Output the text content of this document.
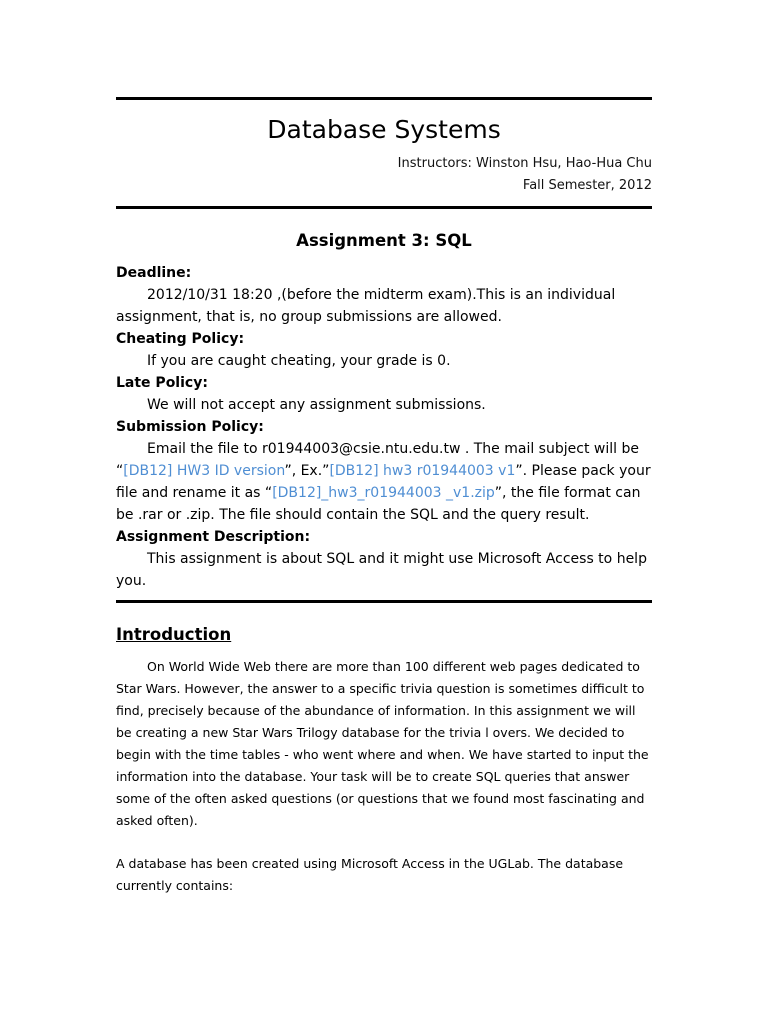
Database Systems
Instructors: Winston Hsu, Hao-Hua Chu
Fall Semester, 2012
Assignment 3: SQL
Deadline:
2012/10/31 18:20 ,(before the midterm exam).This is an individual assignment, that is, no group submissions are allowed.
Cheating Policy:
If you are caught cheating, your grade is 0.
Late Policy:
We will not accept any assignment submissions.
Submission Policy:
Email the file to r01944003@csie.ntu.edu.tw . The mail subject will be “[DB12] HW3 ID version”, Ex.”[DB12] hw3 r01944003 v1”. Please pack your file and rename it as “[DB12]_hw3_r01944003 _v1.zip”, the file format can be .rar or .zip. The file should contain the SQL and the query result.
Assignment Description:
This assignment is about SQL and it might use Microsoft Access to help you.
Introduction
On World Wide Web there are more than 100 different web pages dedicated to Star Wars. However, the answer to a specific trivia question is sometimes difficult to find, precisely because of the abundance of information. In this assignment we will be creating a new Star Wars Trilogy database for the trivia l overs. We decided to begin with the time tables - who went where and when. We have started to input the information into the database. Your task will be to create SQL queries that answer some of the often asked questions (or questions that we found most fascinating and asked often).
A database has been created using Microsoft Access in the UGLab. The database currently contains:
